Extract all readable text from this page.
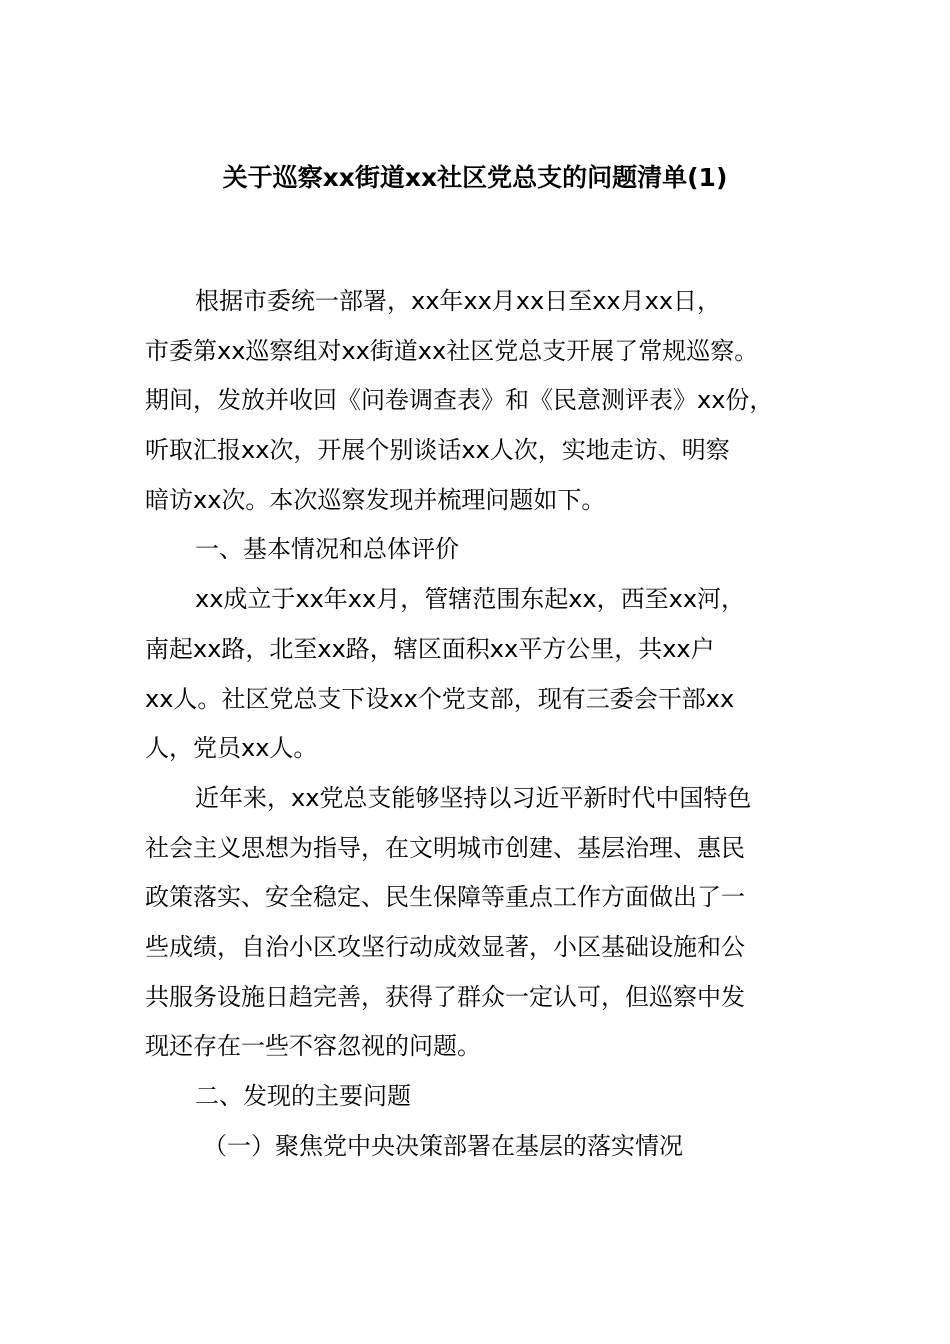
关于巡察xx街道xx社区党总支的问题清单(1)
根据市委统一部署，xx年xx月xx日至xx月xx日，
市委第xx巡察组对xx街道xx社区党总支开展了常规巡察。
期间，发放并收回《问卷调查表》和《民意测评表》xx份，
听取汇报xx次，开展个别谈话xx人次，实地走访、明察
暗访xx次。本次巡察发现并梳理问题如下。
一、基本情况和总体评价
xx成立于xx年xx月，管辖范围东起xx，西至xx河，
南起xx路，北至xx路，辖区面积xx平方公里，共xx户
xx人。社区党总支下设xx个党支部，现有三委会干部xx
人，党员xx人。
近年来，xx党总支能够坚持以习近平新时代中国特色
社会主义思想为指导，在文明城市创建、基层治理、惠民
政策落实、安全稳定、民生保障等重点工作方面做出了一
些成绩，自治小区攻坚行动成效显著，小区基础设施和公
共服务设施日趋完善，获得了群众一定认可，但巡察中发
现还存在一些不容忽视的问题。
二、发现的主要问题
（一）聚焦党中央决策部署在基层的落实情况
